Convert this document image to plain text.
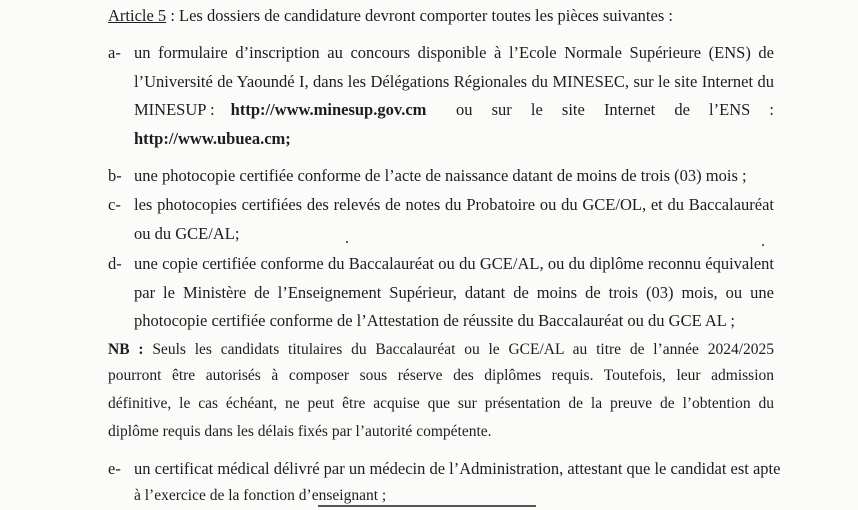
Article 5 : Les dossiers de candidature devront comporter toutes les pièces suivantes :
a- un formulaire d’inscription au concours disponible à l’Ecole Normale Supérieure (ENS) de
l’Université de Yaoundé I, dans les Délégations Régionales du MINESEC, sur le site Internet du
MINESUP : http://www.minesup.gov.cm ou sur le site Internet de l’ENS :
http://www.ubuea.cm;
b- une photocopie certifiée conforme de l’acte de naissance datant de moins de trois (03) mois ;
c- les photocopies certifiées des relevés de notes du Probatoire ou du GCE/OL, et du Baccalauréat
ou du GCE/AL;
d- une copie certifiée conforme du Baccalauréat ou du GCE/AL, ou du diplôme reconnu équivalent
par le Ministère de l’Enseignement Supérieur, datant de moins de trois (03) mois, ou une
photocopie certifiée conforme de l’Attestation de réussite du Baccalauréat ou du GCE AL ;
NB : Seuls les candidats titulaires du Baccalauréat ou le GCE/AL au titre de l’année 2024/2025
pourront être autorisés à composer sous réserve des diplômes requis. Toutefois, leur admission
définitive, le cas échéant, ne peut être acquise que sur présentation de la preuve de l’obtention du
diplôme requis dans les délais fixés par l’autorité compétente.
e- un certificat médical délivré par un médecin de l’Administration, attestant que le candidat est apte
à l’exercice de la fonction d’enseignant ;
